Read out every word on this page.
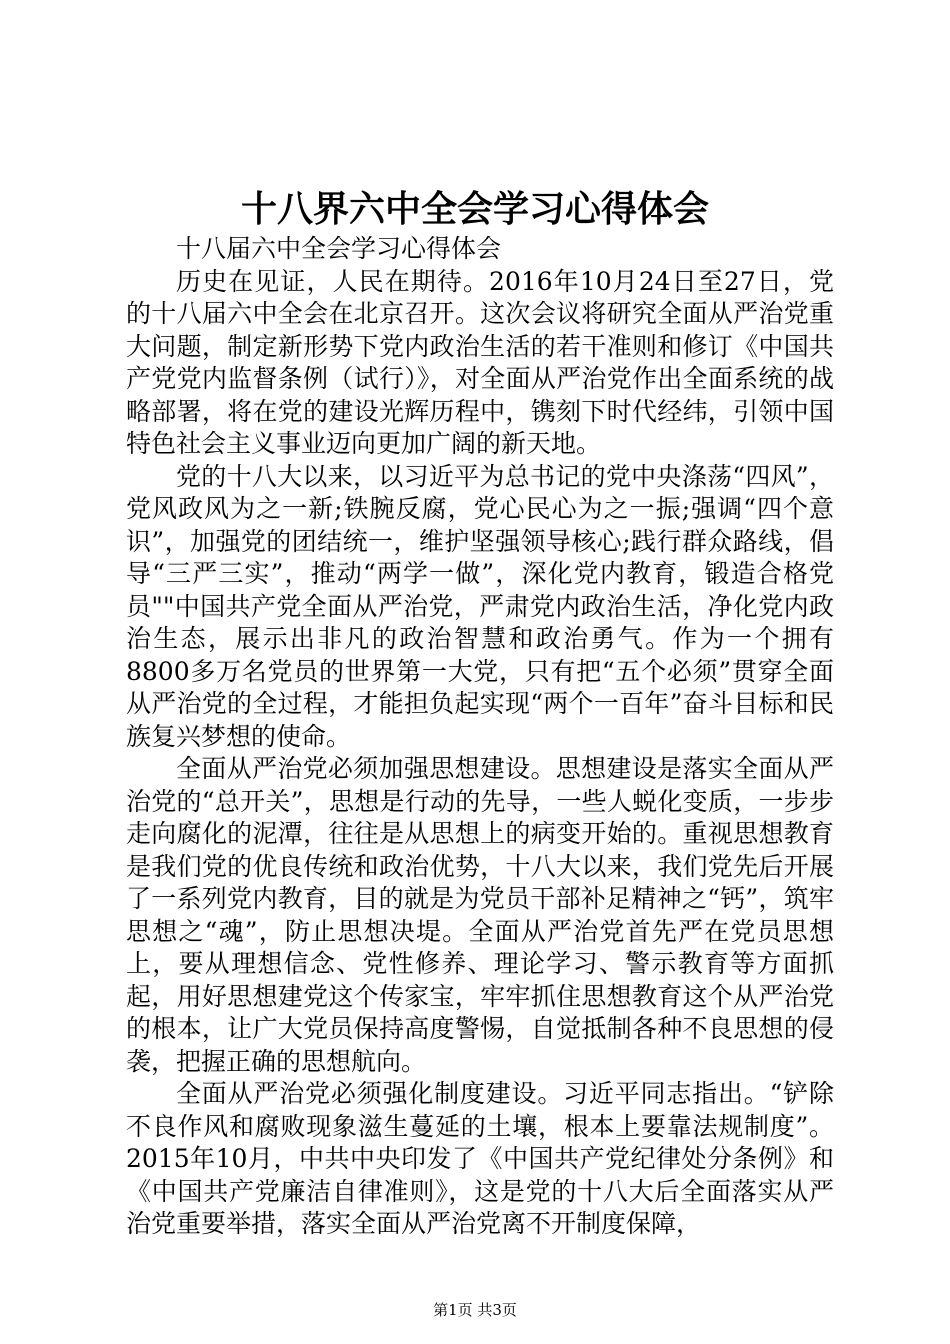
十八界六中全会学习心得体会

十八届六中全会学习心得体会

历史在见证，人民在期待。2016年10月24日至27日，党的十八届六中全会在北京召开。这次会议将研究全面从严治党重大问题，制定新形势下党内政治生活的若干准则和修订《中国共产党党内监督条例（试行）》，对全面从严治党作出全面系统的战略部署，将在党的建设光辉历程中，镌刻下时代经纬，引领中国特色社会主义事业迈向更加广阔的新天地。

党的十八大以来，以习近平为总书记的党中央涤荡“四风”，党风政风为之一新;铁腕反腐，党心民心为之一振;强调“四个意识”，加强党的团结统一，维护坚强领导核心;践行群众路线，倡导“三严三实”，推动“两学一做”，深化党内教育，锻造合格党员""中国共产党全面从严治党，严肃党内政治生活，净化党内政治生态，展示出非凡的政治智慧和政治勇气。作为一个拥有8800多万名党员的世界第一大党，只有把“五个必须”贯穿全面从严治党的全过程，才能担负起实现“两个一百年”奋斗目标和民族复兴梦想的使命。

全面从严治党必须加强思想建设。思想建设是落实全面从严治党的“总开关”，思想是行动的先导，一些人蜕化变质，一步步走向腐化的泥潭，往往是从思想上的病变开始的。重视思想教育是我们党的优良传统和政治优势，十八大以来，我们党先后开展了一系列党内教育，目的就是为党员干部补足精神之“钙”，筑牢思想之“魂”，防止思想决堤。全面从严治党首先严在党员思想上，要从理想信念、党性修养、理论学习、警示教育等方面抓起，用好思想建党这个传家宝，牢牢抓住思想教育这个从严治党的根本，让广大党员保持高度警惕，自觉抵制各种不良思想的侵袭，把握正确的思想航向。

全面从严治党必须强化制度建设。习近平同志指出。“铲除不良作风和腐败现象滋生蔓延的土壤，根本上要靠法规制度”。2015年10月，中共中央印发了《中国共产党纪律处分条例》和《中国共产党廉洁自律准则》，这是党的十八大后全面落实从严治党重要举措，落实全面从严治党离不开制度保障，

第1页 共3页
